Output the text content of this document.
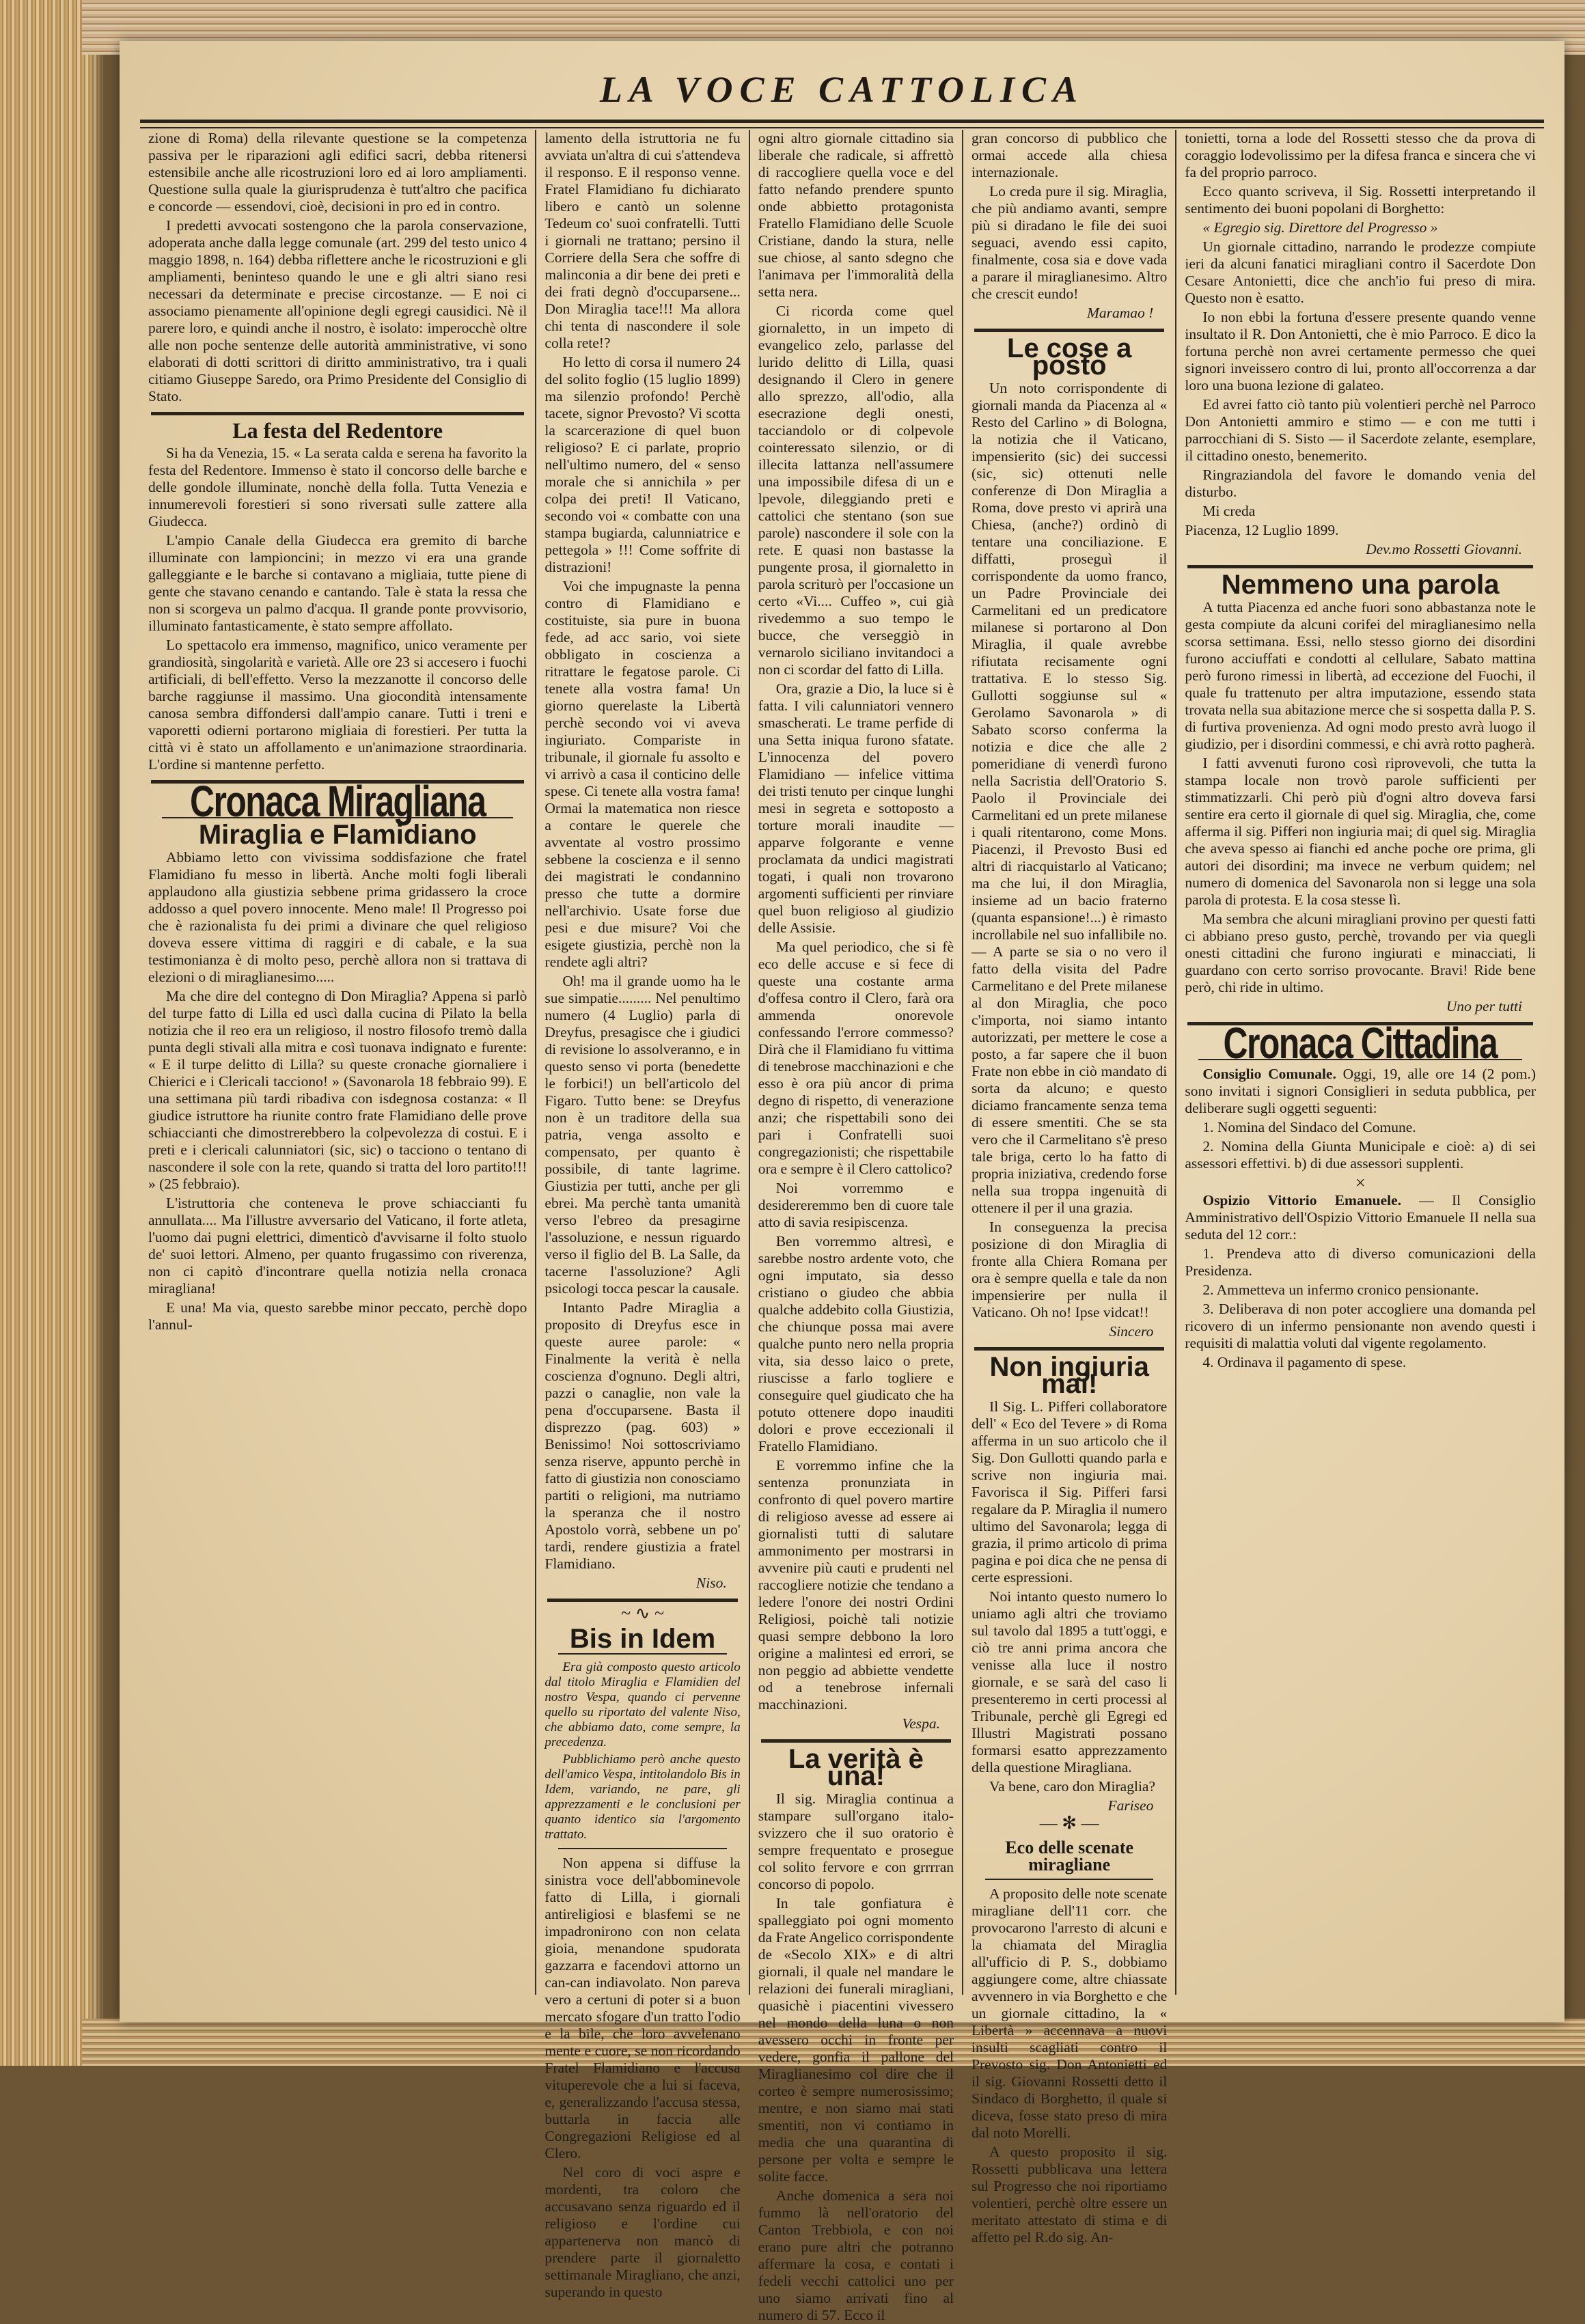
LA VOCE CATTOLICA

zione di Roma) della rilevante questione se la competenza passiva per le riparazioni agli edifici sacri, debba ritenersi estensibile anche alle ricostruzioni loro ed ai loro ampliamenti. Questione sulla quale la giurisprudenza è tutt'altro che pacifica e concorde — essendovi, cioè, decisioni in pro ed in contro.

I predetti avvocati sostengono che la parola conservazione, adoperata anche dalla legge comunale (art. 299 del testo unico 4 maggio 1898, n. 164) debba riflettere anche le ricostruzioni e gli ampliamenti, beninteso quando le une e gli altri siano resi necessari da determinate e precise circostanze. — E noi ci associamo pienamente all'opinione degli egregi causidici. Nè il parere loro, e quindi anche il nostro, è isolato: imperocchè oltre alle non poche sentenze delle autorità amministrative, vi sono elaborati di dotti scrittori di diritto amministrativo, tra i quali citiamo Giuseppe Saredo, ora Primo Presidente del Consiglio di Stato.

La festa del Redentore

Si ha da Venezia, 15. « La serata calda e serena ha favorito la festa del Redentore. Immenso è stato il concorso delle barche e delle gondole illuminate, nonchè della folla. Tutta Venezia e innumerevoli forestieri si sono riversati sulle zattere alla Giudecca.

L'ampio Canale della Giudecca era gremito di barche illuminate con lampioncini; in mezzo vi era una grande galleggiante e le barche si contavano a migliaia, tutte piene di gente che stavano cenando e cantando. Tale è stata la ressa che non si scorgeva un palmo d'acqua. Il grande ponte provvisorio, illuminato fantasticamente, è stato sempre affollato.

Lo spettacolo era immenso, magnifico, unico veramente per grandiosità, singolarità e varietà. Alle ore 23 si accesero i fuochi artificiali, di bell'effetto. Verso la mezzanotte il concorso delle barche raggiunse il massimo. Una giocondità intensamente canosa sembra diffondersi dall'ampio canare. Tutti i treni e vaporetti odierni portarono migliaia di forestieri. Per tutta la città vi è stato un affollamento e un'animazione straordinaria. L'ordine si mantenne perfetto.

Cronaca Miragliana
Miraglia e Flamidiano

Abbiamo letto con vivissima soddisfazione che fratel Flamidiano fu messo in libertà. Anche molti fogli liberali applaudono alla giustizia sebbene prima gridassero la croce addosso a quel povero innocente. Meno male! Il Progresso poi che è razionalista fu dei primi a divinare che quel religioso doveva essere vittima di raggiri e di cabale, e la sua testimonianza è di molto peso, perchè allora non si trattava di elezioni o di miraglianesimo.....

Ma che dire del contegno di Don Miraglia? Appena si parlò del turpe fatto di Lilla ed uscì dalla cucina di Pilato la bella notizia che il reo era un religioso, il nostro filosofo tremò dalla punta degli stivali alla mitra e così tuonava indignato e furente: « E il turpe delitto di Lilla? su queste cronache giornaliere i Chierici e i Clericali tacciono! » (Savonarola 18 febbraio 99). E una settimana più tardi ribadiva con isdegnosa costanza: « Il giudice istruttore ha riunite contro frate Flamidiano delle prove schiaccianti che dimostrerebbero la colpevolezza di costui. E i preti e i clericali calunniatori (sic, sic) o tacciono o tentano di nascondere il sole con la rete, quando si tratta del loro partito!!! » (25 febbraio).

L'istruttoria che conteneva le prove schiaccianti fu annullata.... Ma l'illustre avversario del Vaticano, il forte atleta, l'uomo dai pugni elettrici, dimenticò d'avvisarne il folto stuolo de' suoi lettori. Almeno, per quanto frugassimo con riverenza, non ci capitò d'incontrare quella notizia nella cronaca miragliana!

E una! Ma via, questo sarebbe minor peccato, perchè dopo l'annul-

lamento della istruttoria ne fu avviata un'altra di cui s'attendeva il responso. E il responso venne. Fratel Flamidiano fu dichiarato libero e cantò un solenne Tedeum co' suoi confratelli. Tutti i giornali ne trattano; persino il Corriere della Sera che soffre di malinconia a dir bene dei preti e dei frati degnò d'occuparsene... Don Miraglia tace!!! Ma allora chi tenta di nascondere il sole colla rete!?

Ho letto di corsa il numero 24 del solito foglio (15 luglio 1899) ma silenzio profondo! Perchè tacete, signor Prevosto? Vi scotta la scarcerazione di quel buon religioso? E ci parlate, proprio nell'ultimo numero, del « senso morale che si annichila » per colpa dei preti! Il Vaticano, secondo voi « combatte con una stampa bugiarda, calunniatrice e pettegola » !!! Come soffrite di distrazioni!

Voi che impugnaste la penna contro di Flamidiano e costituiste, sia pure in buona fede, ad acc sario, voi siete obbligato in coscienza a ritrattare le fegatose parole. Ci tenete alla vostra fama! Un giorno querelaste la Libertà perchè secondo voi vi aveva ingiuriato. Compariste in tribunale, il giornale fu assolto e vi arrivò a casa il conticino delle spese. Ci tenete alla vostra fama! Ormai la matematica non riesce a contare le querele che avventate al vostro prossimo sebbene la coscienza e il senno dei magistrati le condannino presso che tutte a dormire nell'archivio. Usate forse due pesi e due misure? Voi che esigete giustizia, perchè non la rendete agli altri?

Oh! ma il grande uomo ha le sue simpatie......... Nel penultimo numero (4 Luglio) parla di Dreyfus, presagisce che i giudici di revisione lo assolveranno, e in questo senso vi porta (benedette le forbici!) un bell'articolo del Figaro. Tutto bene: se Dreyfus non è un traditore della sua patria, venga assolto e compensato, per quanto è possibile, di tante lagrime. Giustizia per tutti, anche per gli ebrei. Ma perchè tanta umanità verso l'ebreo da presagirne l'assoluzione, e nessun riguardo verso il figlio del B. La Salle, da tacerne l'assoluzione? Agli psicologi tocca pescar la causale.

Intanto Padre Miraglia a proposito di Dreyfus esce in queste auree parole: « Finalmente la verità è nella coscienza d'ognuno. Degli altri, pazzi o canaglie, non vale la pena d'occuparsene. Basta il disprezzo (pag. 603) » Benissimo! Noi sottoscriviamo senza riserve, appunto perchè in fatto di giustizia non conosciamo partiti o religioni, ma nutriamo la speranza che il nostro Apostolo vorrà, sebbene un po' tardi, rendere giustizia a fratel Flamidiano.

Niso.
~ ∿ ~
Bis in Idem

Era già composto questo articolo dal titolo Miraglia e Flamidien del nostro Vespa, quando ci pervenne quello su riportato del valente Niso, che abbiamo dato, come sempre, la precedenza.

Pubblichiamo però anche questo dell'amico Vespa, intitolandolo Bis in Idem, variando, ne pare, gli apprezzamenti e le conclusioni per quanto identico sia l'argomento trattato.

Non appena si diffuse la sinistra voce dell'abbominevole fatto di Lilla, i giornali antireligiosi e blasfemi se ne impadronirono con non celata gioia, menandone spudorata gazzarra e facendovi attorno un can-can indiavolato. Non pareva vero a certuni di poter si a buon mercato sfogare d'un tratto l'odio e la bile, che loro avvelenano mente e cuore, se non ricordando Fratel Flamidiano e l'accusa vituperevole che a lui si faceva, e, generalizzando l'accusa stessa, buttarla in faccia alle Congregazioni Religiose ed al Clero.

Nel coro di voci aspre e mordenti, tra coloro che accusavano senza riguardo ed il religioso e l'ordine cui appartenerva non mancò di prendere parte il giornaletto settimanale Miragliano, che anzi, superando in questo

ogni altro giornale cittadino sia liberale che radicale, si affrettò di raccogliere quella voce e del fatto nefando prendere spunto onde abbietto protagonista Fratello Flamidiano delle Scuole Cristiane, dando la stura, nelle sue chiose, al santo sdegno che l'animava per l'immoralità della setta nera.

Ci ricorda come quel giornaletto, in un impeto di evangelico zelo, parlasse del lurido delitto di Lilla, quasi designando il Clero in genere allo sprezzo, all'odio, alla esecrazione degli onesti, tacciandolo or di colpevole cointeressato silenzio, or di illecita lattanza nell'assumere una impossibile difesa di un e lpevole, dileggiando preti e cattolici che stentano (son sue parole) nascondere il sole con la rete. E quasi non bastasse la pungente prosa, il giornaletto in parola scriturò per l'occasione un certo «Vi.... Cuffeo », cui già rivedemmo a suo tempo le bucce, che verseggiò in vernarolo siciliano invitandoci a non ci scordar del fatto di Lilla.

Ora, grazie a Dio, la luce si è fatta. I vili calunniatori vennero smascherati. Le trame perfide di una Setta iniqua furono sfatate. L'innocenza del povero Flamidiano — infelice vittima dei tristi tenuto per cinque lunghi mesi in segreta e sottoposto a torture morali inaudite — apparve folgorante e venne proclamata da undici magistrati togati, i quali non trovarono argomenti sufficienti per rinviare quel buon religioso al giudizio delle Assisie.

Ma quel periodico, che si fè eco delle accuse e si fece di queste una costante arma d'offesa contro il Clero, farà ora ammenda onorevole confessando l'errore commesso? Dirà che il Flamidiano fu vittima di tenebrose macchinazioni e che esso è ora più ancor di prima degno di rispetto, di venerazione anzi; che rispettabili sono dei pari i Confratelli suoi congregazionisti; che rispettabile ora e sempre è il Clero cattolico?

Noi vorremmo e desidereremmo ben di cuore tale atto di savia resipiscenza.

Ben vorremmo altresì, e sarebbe nostro ardente voto, che ogni imputato, sia desso cristiano o giudeo che abbia qualche addebito colla Giustizia, che chiunque possa mai avere qualche punto nero nella propria vita, sia desso laico o prete, riuscisse a farlo togliere e conseguire quel giudicato che ha potuto ottenere dopo inauditi dolori e prove eccezionali il Fratello Flamidiano.

E vorremmo infine che la sentenza pronunziata in confronto di quel povero martire di religioso avesse ad essere ai giornalisti tutti di salutare ammonimento per mostrarsi in avvenire più cauti e prudenti nel raccogliere notizie che tendano a ledere l'onore dei nostri Ordini Religiosi, poichè tali notizie quasi sempre debbono la loro origine a malintesi ed errori, se non peggio ad abbiette vendette od a tenebrose infernali macchinazioni.

Vespa.
La verità è una!

Il sig. Miraglia continua a stampare sull'organo italo-svizzero che il suo oratorio è sempre frequentato e prosegue col solito fervore e con grrrran concorso di popolo.

In tale gonfiatura è spalleggiato poi ogni momento da Frate Angelico corrispondente de «Secolo XIX» e di altri giornali, il quale nel mandare le relazioni dei funerali miragliani, quasichè i piacentini vivessero nel mondo della luna o non avessero occhi in fronte per vedere, gonfia il pallone del Miraglianesimo col dire che il corteo è sempre numerosissimo; mentre, e non siamo mai stati smentiti, non vi contiamo in media che una quarantina di persone per volta e sempre le solite facce.

Anche domenica a sera noi fummo là nell'oratorio del Canton Trebbiola, e con noi erano pure altri che potranno affermare la cosa, e contati i fedeli vecchi cattolici uno per uno siamo arrivati fino al numero di 57. Ecco il

gran concorso di pubblico che ormai accede alla chiesa internazionale.

Lo creda pure il sig. Miraglia, che più andiamo avanti, sempre più si diradano le file dei suoi seguaci, avendo essi capito, finalmente, cosa sia e dove vada a parare il miraglianesimo. Altro che crescit eundo!

Maramao !
Le cose a posto

Un noto corrispondente di giornali manda da Piacenza al « Resto del Carlino » di Bologna, la notizia che il Vaticano, impensierito (sic) dei successi (sic, sic) ottenuti nelle conferenze di Don Miraglia a Roma, dove presto vi aprirà una Chiesa, (anche?) ordinò di tentare una conciliazione. E diffatti, proseguì il corrispondente da uomo franco, un Padre Provinciale dei Carmelitani ed un predicatore milanese si portarono al Don Miraglia, il quale avrebbe rifiutata recisamente ogni trattativa. E lo stesso Sig. Gullotti soggiunse sul « Gerolamo Savonarola » di Sabato scorso conferma la notizia e dice che alle 2 pomeridiane di venerdì furono nella Sacristia dell'Oratorio S. Paolo il Provinciale dei Carmelitani ed un prete milanese i quali ritentarono, come Mons. Piacenzi, il Prevosto Busi ed altri di riacquistarlo al Vaticano; ma che lui, il don Miraglia, insieme ad un bacio fraterno (quanta espansione!...) è rimasto incrollabile nel suo infallibile no. — A parte se sia o no vero il fatto della visita del Padre Carmelitano e del Prete milanese al don Miraglia, che poco c'importa, noi siamo intanto autorizzati, per mettere le cose a posto, a far sapere che il buon Frate non ebbe in ciò mandato di sorta da alcuno; e questo diciamo francamente senza tema di essere smentiti. Che se sta vero che il Carmelitano s'è preso tale briga, certo lo ha fatto di propria iniziativa, credendo forse nella sua troppa ingenuità di ottenere il per il una grazia.

In conseguenza la precisa posizione di don Miraglia di fronte alla Chiera Romana per ora è sempre quella e tale da non impensierire per nulla il Vaticano. Oh no! Ipse vidcat!!

Sincero
Non ingiuria mai!

Il Sig. L. Pifferi collaboratore dell' « Eco del Tevere » di Roma afferma in un suo articolo che il Sig. Don Gullotti quando parla e scrive non ingiuria mai. Favorisca il Sig. Pifferi farsi regalare da P. Miraglia il numero ultimo del Savonarola; legga di grazia, il primo articolo di prima pagina e poi dica che ne pensa di certe espressioni.

Noi intanto questo numero lo uniamo agli altri che troviamo sul tavolo dal 1895 a tutt'oggi, e ciò tre anni prima ancora che venisse alla luce il nostro giornale, e se sarà del caso li presenteremo in certi processi al Tribunale, perchè gli Egregi ed Illustri Magistrati possano formarsi esatto apprezzamento della questione Miragliana.

Va bene, caro don Miraglia?

Fariseo
— ✻ —
Eco delle scenate miragliane

A proposito delle note scenate miragliane dell'11 corr. che provocarono l'arresto di alcuni e la chiamata del Miraglia all'ufficio di P. S., dobbiamo aggiungere come, altre chiassate avvennero in via Borghetto e che un giornale cittadino, la « Libertà » accennava a nuovi insulti scagliati contro il Prevosto sig. Don Antonietti ed il sig. Giovanni Rossetti detto il Sindaco di Borghetto, il quale si diceva, fosse stato preso di mira dal noto Morelli.

A questo proposito il sig. Rossetti pubblicava una lettera sul Progresso che noi riportiamo volentieri, perchè oltre essere un meritato attestato di stima e di affetto pel R.do sig. An-

tonietti, torna a lode del Rossetti stesso che da prova di coraggio lodevolissimo per la difesa franca e sincera che vi fa del proprio parroco.

Ecco quanto scriveva, il Sig. Rossetti interpretando il sentimento dei buoni popolani di Borghetto:

« Egregio sig. Direttore del Progresso »

Un giornale cittadino, narrando le prodezze compiute ieri da alcuni fanatici miragliani contro il Sacerdote Don Cesare Antonietti, dice che anch'io fui preso di mira. Questo non è esatto.

Io non ebbi la fortuna d'essere presente quando venne insultato il R. Don Antonietti, che è mio Parroco. E dico la fortuna perchè non avrei certamente permesso che quei signori inveissero contro di lui, pronto all'occorrenza a dar loro una buona lezione di galateo.

Ed avrei fatto ciò tanto più volentieri perchè nel Parroco Don Antonietti ammiro e stimo — e con me tutti i parrocchiani di S. Sisto — il Sacerdote zelante, esemplare, il cittadino onesto, benemerito.

Ringraziandola del favore le domando venia del disturbo.

Mi creda

Piacenza, 12 Luglio 1899.

Dev.mo Rossetti Giovanni.
Nemmeno una parola

A tutta Piacenza ed anche fuori sono abbastanza note le gesta compiute da alcuni corifei del miraglianesimo nella scorsa settimana. Essi, nello stesso giorno dei disordini furono acciuffati e condotti al cellulare, Sabato mattina però furono rimessi in libertà, ad eccezione del Fuochi, il quale fu trattenuto per altra imputazione, essendo stata trovata nella sua abitazione merce che si sospetta dalla P. S. di furtiva provenienza. Ad ogni modo presto avrà luogo il giudizio, per i disordini commessi, e chi avrà rotto pagherà.

I fatti avvenuti furono così riprovevoli, che tutta la stampa locale non trovò parole sufficienti per stimmatizzarli. Chi però più d'ogni altro doveva farsi sentire era certo il giornale di quel sig. Miraglia, che, come afferma il sig. Pifferi non ingiuria mai; di quel sig. Miraglia che aveva spesso ai fianchi ed anche poche ore prima, gli autori dei disordini; ma invece ne verbum quidem; nel numero di domenica del Savonarola non si legge una sola parola di protesta. E la cosa stesse lì.

Ma sembra che alcuni miragliani provino per questi fatti ci abbiano preso gusto, perchè, trovando per via quegli onesti cittadini che furono ingiurati e minacciati, li guardano con certo sorriso provocante. Bravi! Ride bene però, chi ride in ultimo.

Uno per tutti
Cronaca Cittadina

Consiglio Comunale. Oggi, 19, alle ore 14 (2 pom.) sono invitati i signori Consiglieri in seduta pubblica, per deliberare sugli oggetti seguenti:

1. Nomina del Sindaco del Comune.

2. Nomina della Giunta Municipale e cioè: a) di sei assessori effettivi. b) di due assessori supplenti.

×

Ospizio Vittorio Emanuele. — Il Consiglio Amministrativo dell'Ospizio Vittorio Emanuele II nella sua seduta del 12 corr.:

1. Prendeva atto di diverso comunicazioni della Presidenza.

2. Ammetteva un infermo cronico pensionante.

3. Deliberava di non poter accogliere una domanda pel ricovero di un infermo pensionante non avendo questi i requisiti di malattia voluti dal vigente regolamento.

4. Ordinava il pagamento di spese.
